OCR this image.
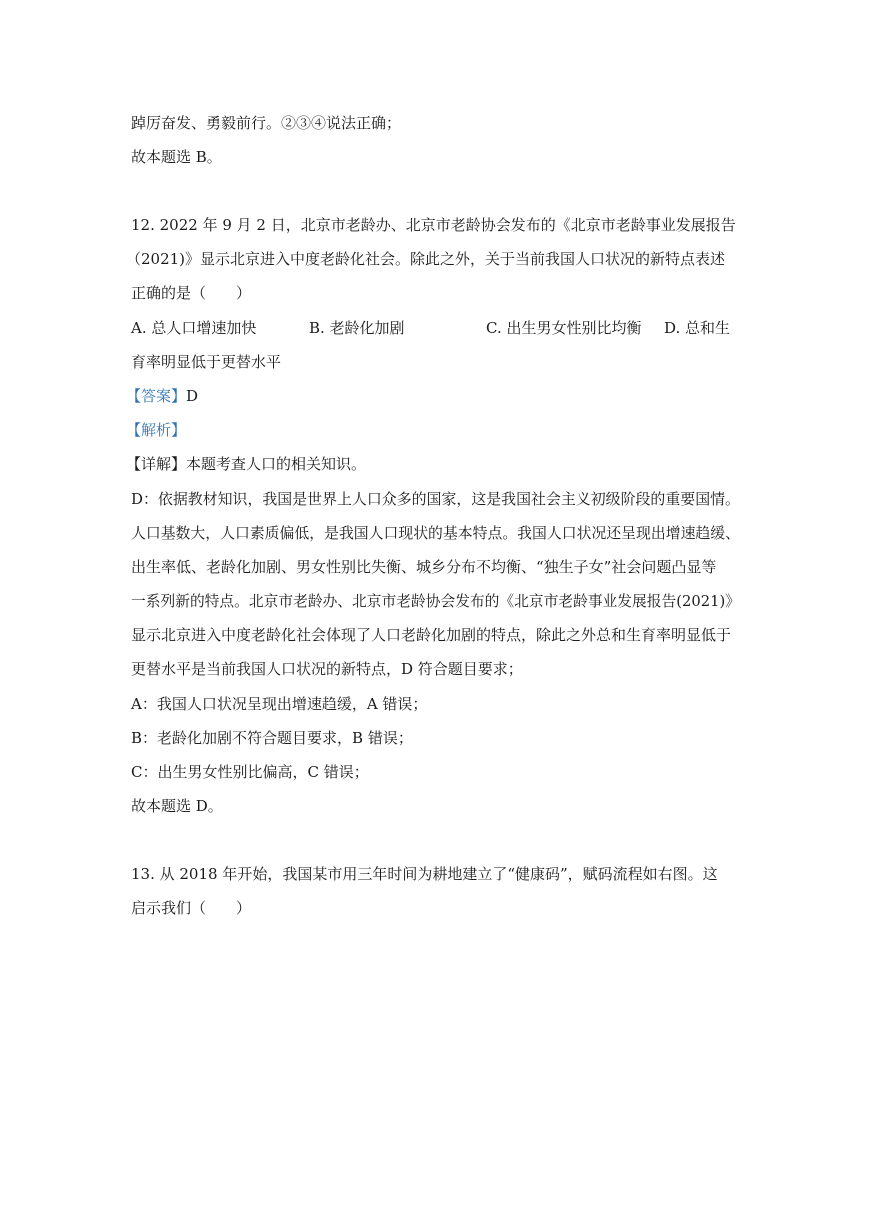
踔厉奋发、勇毅前行。②③④说法正确；
故本题选 B。
12. 2022 年 9 月 2 日，北京市老龄办、北京市老龄协会发布的《北京市老龄事业发展报告
（2021)》显示北京进入中度老龄化社会。除此之外，关于当前我国人口状况的新特点表述
正确的是（　　）
A. 总人口增速加快	B. 老龄化加剧	C. 出生男女性别比均衡 D. 总和生
育率明显低于更替水平
【答案】D
【解析】
【详解】本题考查人口的相关知识。
D：依据教材知识，我国是世界上人口众多的国家，这是我国社会主义初级阶段的重要国情。
人口基数大，人口素质偏低，是我国人口现状的基本特点。我国人口状况还呈现出增速趋缓、
出生率低、老龄化加剧、男女性别比失衡、城乡分布不均衡、“独生子女”社会问题凸显等
一系列新的特点。北京市老龄办、北京市老龄协会发布的《北京市老龄事业发展报告(2021)》
显示北京进入中度老龄化社会体现了人口老龄化加剧的特点，除此之外总和生育率明显低于
更替水平是当前我国人口状况的新特点，D 符合题目要求；
A：我国人口状况呈现出增速趋缓，A 错误；
B：老龄化加剧不符合题目要求，B 错误；
C：出生男女性别比偏高，C 错误；
故本题选 D。
13. 从 2018 年开始，我国某市用三年时间为耕地建立了“健康码”，赋码流程如右图。这
启示我们（　　）
